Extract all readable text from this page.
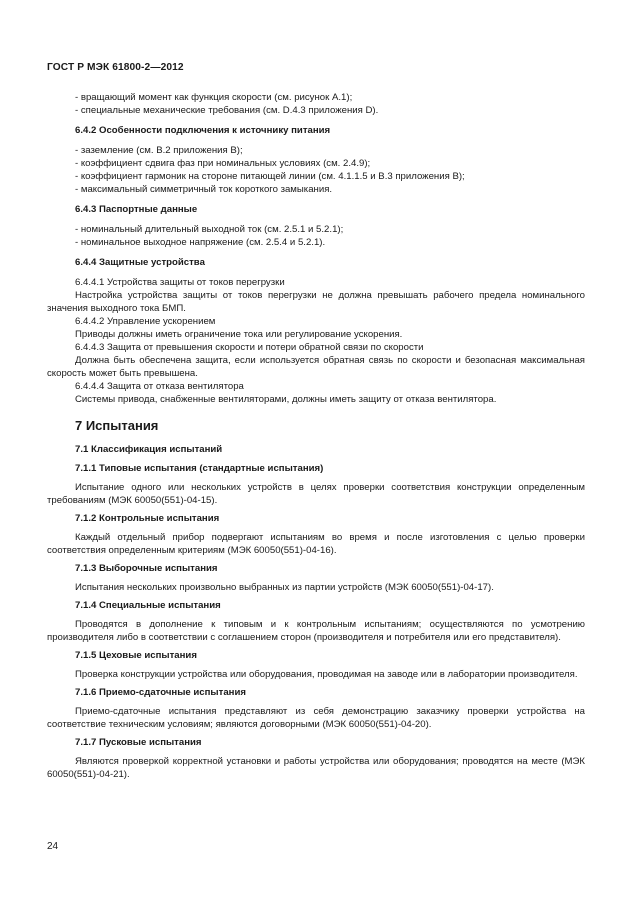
ГОСТ Р МЭК 61800-2—2012

- вращающий момент как функция скорости (см. рисунок А.1);

- специальные механические требования (см. D.4.3 приложения D).

6.4.2 Особенности подключения к источнику питания

- заземление (см. В.2 приложения В);

- коэффициент сдвига фаз при номинальных условиях (см. 2.4.9);

- коэффициент гармоник на стороне питающей линии (см. 4.1.1.5 и В.3 приложения В);

- максимальный симметричный ток короткого замыкания.

6.4.3 Паспортные данные

- номинальный длительный выходной ток (см. 2.5.1 и 5.2.1);

- номинальное выходное напряжение (см. 2.5.4 и 5.2.1).

6.4.4 Защитные устройства

6.4.4.1 Устройства защиты от токов перегрузки

Настройка устройства защиты от токов перегрузки не должна превышать рабочего предела номинального значения выходного тока БМП.

6.4.4.2 Управление ускорением

Приводы должны иметь ограничение тока или регулирование ускорения.

6.4.4.3 Защита от превышения скорости и потери обратной связи по скорости

Должна быть обеспечена защита, если используется обратная связь по скорости и безопасная максимальная скорость может быть превышена.

6.4.4.4 Защита от отказа вентилятора

Системы привода, снабженные вентиляторами, должны иметь защиту от отказа вентилятора.

7 Испытания

7.1 Классификация испытаний

7.1.1 Типовые испытания (стандартные испытания)

Испытание одного или нескольких устройств в целях проверки соответствия конструкции определенным требованиям (МЭК 60050(551)-04-15).

7.1.2 Контрольные испытания

Каждый отдельный прибор подвергают испытаниям во время и после изготовления с целью проверки соответствия определенным критериям (МЭК 60050(551)-04-16).

7.1.3 Выборочные испытания

Испытания нескольких произвольно выбранных из партии устройств (МЭК 60050(551)-04-17).

7.1.4 Специальные испытания

Проводятся в дополнение к типовым и к контрольным испытаниям; осуществляются по усмотрению производителя либо в соответствии с соглашением сторон (производителя и потребителя или его представителя).

7.1.5 Цеховые испытания

Проверка конструкции устройства или оборудования, проводимая на заводе или в лаборатории производителя.

7.1.6 Приемо-сдаточные испытания

Приемо-сдаточные испытания представляют из себя демонстрацию заказчику проверки устройства на соответствие техническим условиям; являются договорными (МЭК 60050(551)-04-20).

7.1.7 Пусковые испытания

Являются проверкой корректной установки и работы устройства или оборудования; проводятся на месте (МЭК 60050(551)-04-21).

24
